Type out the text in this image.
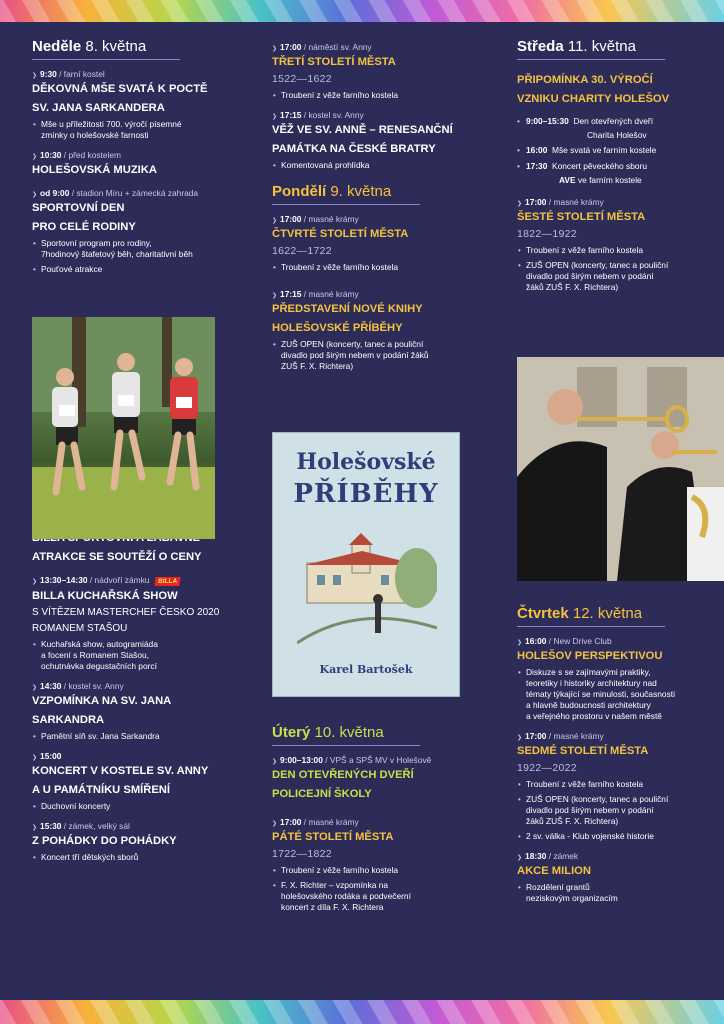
Neděle 8. května
❯ 9:30 / farní kostel
DĚKOVNÁ MŠE SVATÁ K POCTĚ
SV. JANA SARKANDERA
• Mše u příležitosti 700. výročí písemné
zmínky o holešovské farnosti
❯ 10:30 / před kostelem
HOLEŠOVSKÁ MUZIKA
❯ od 9:00 / stadion Míru + zámecká zahrada
SPORTOVNÍ DEN
PRO CELÉ RODINY
• Sportovní program pro rodiny,
7hodinový štafetový běh, charitativní běh
• Pouťové atrakce
ATRAKCE SE SOUTĚŽÍ O CENY
❯ 13:30–14:30 / nádvoří zámku BILLA
BILLA KUCHAŘSKÁ SHOW
S VÍTĚZEM MASTERCHEF ČESKO 2020
ROMANEM STAŠOU
• Kuchařská show, autogramiáda
a focení s Romanem Stašou,
ochutnávka degustačních porcí
❯ 14:30 / kostel sv. Anny
VZPOMÍNKA NA SV. JANA
SARKANDRA
• Pamětní síň sv. Jana Sarkandra
❯ 15:00
KONCERT V KOSTELE SV. ANNY
A U PAMÁTNÍKU SMÍŘENÍ
• Duchovní koncerty
❯ 15:30 / zámek, velký sál
Z POHÁDKY DO POHÁDKY
• Koncert tří dětských sborů
❯ 17:00 / náměstí sv. Anny
TŘETÍ STOLETÍ MĚSTA
1522—1622
• Troubení z věže farního kostela
❯ 17:15 / kostel sv. Anny
VĚŽ VE SV. ANNĚ – RENESANČNÍ
PAMÁTKA NA ČESKÉ BRATRY
• Komentovaná prohlídka
Pondělí 9. května
❯ 17:00 / masné krámy
ČTVRTÉ STOLETÍ MĚSTA
1622—1722
• Troubení z věže farního kostela
❯ 17:15 / masné krámy
PŘEDSTAVENÍ NOVÉ KNIHY
HOLEŠOVSKÉ PŘÍBĚHY
• ZUŠ OPEN (koncerty, tanec a pouliční
divadlo pod širým nebem v podání žáků
ZUŠ F. X. Richtera)
Holešovské
PŘÍBĚHY
Karel Bartošek
Úterý 10. května
❯ 9:00–13:00 / VPŠ a SPŠ MV v Holešově
DEN OTEVŘENÝCH DVEŘÍ
POLICEJNÍ ŠKOLY
❯ 17:00 / masné krámy
PÁTÉ STOLETÍ MĚSTA
1722—1822
• Troubení z věže farního kostela
• F. X. Richter – vzpomínka na
holešovského rodáka a podvečerní
koncert z díla F. X. Richtera
Středa 11. května
PŘIPOMÍNKA 30. VÝROČÍ
VZNIKU CHARITY HOLEŠOV
• 9:00–15:30 Den otevřených dveří
Charita Holešov
• 16:00 Mše svatá ve farním kostele
• 17:30 Koncert pěveckého sboru
AVE ve farním kostele
❯ 17:00 / masné krámy
ŠESTÉ STOLETÍ MĚSTA
1822—1922
• Troubení z věže farního kostela
• ZUŠ OPEN (koncerty, tanec a pouliční
divadlo pod širým nebem v podání
žáků ZUŠ F. X. Richtera)
Čtvrtek 12. května
❯ 16:00 / New Drive Club
HOLEŠOV PERSPEKTIVOU
• Diskuze s se zajímavými praktiky,
teoretiky i historiky architektury nad
tématy týkající se minulosti, současnosti
a hlavně budoucnosti architektury
a veřejného prostoru v našem městě
❯ 17:00 / masné krámy
SEDMÉ STOLETÍ MĚSTA
1922—2022
• Troubení z věže farního kostela
• ZUŠ OPEN (koncerty, tanec a pouliční
divadlo pod širým nebem v podání
žáků ZUŠ F. X. Richtera)
• 2 sv. válka - Klub vojenské historie
❯ 18:30 / zámek
AKCE MILION
• Rozdělení grantů
neziskovým organizacím
